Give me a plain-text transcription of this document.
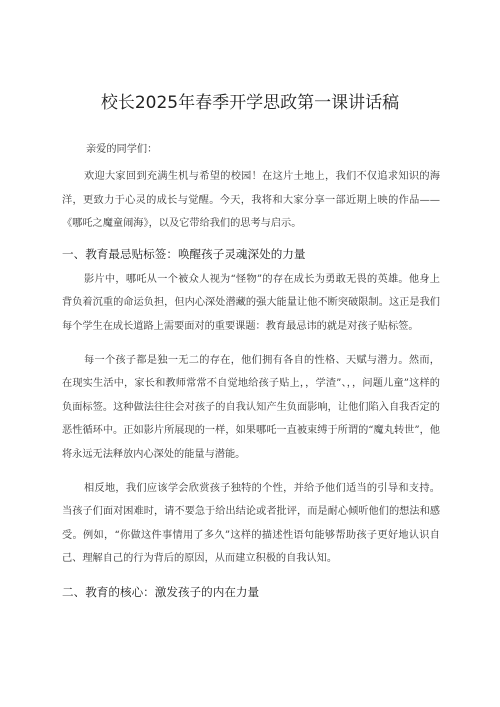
校长2025年春季开学思政第一课讲话稿

亲爱的同学们：

欢迎大家回到充满生机与希望的校园！在这片土地上，我们不仅追求知识的海洋，更致力于心灵的成长与觉醒。今天，我将和大家分享一部近期上映的作品——《哪吒之魔童闹海》，以及它带给我们的思考与启示。

一、教育最忌贴标签：唤醒孩子灵魂深处的力量

影片中，哪吒从一个被众人视为“怪物”的存在成长为勇敢无畏的英雄。他身上背负着沉重的命运负担，但内心深处潜藏的强大能量让他不断突破限制。这正是我们每个学生在成长道路上需要面对的重要课题：教育最忌讳的就是对孩子贴标签。

每一个孩子都是独一无二的存在，他们拥有各自的性格、天赋与潜力。然而，在现实生活中，家长和教师常常不自觉地给孩子贴上，，学渣”、，，问题儿童”这样的负面标签。这种做法往往会对孩子的自我认知产生负面影响，让他们陷入自我否定的恶性循环中。正如影片所展现的一样，如果哪吒一直被束缚于所谓的“魔丸转世”，他将永远无法释放内心深处的能量与潜能。

相反地，我们应该学会欣赏孩子独特的个性，并给予他们适当的引导和支持。当孩子们面对困难时，请不要急于给出结论或者批评，而是耐心倾听他们的想法和感受。例如，“你做这件事情用了多久”这样的描述性语句能够帮助孩子更好地认识自己、理解自己的行为背后的原因，从而建立积极的自我认知。

二、教育的核心：激发孩子的内在力量
